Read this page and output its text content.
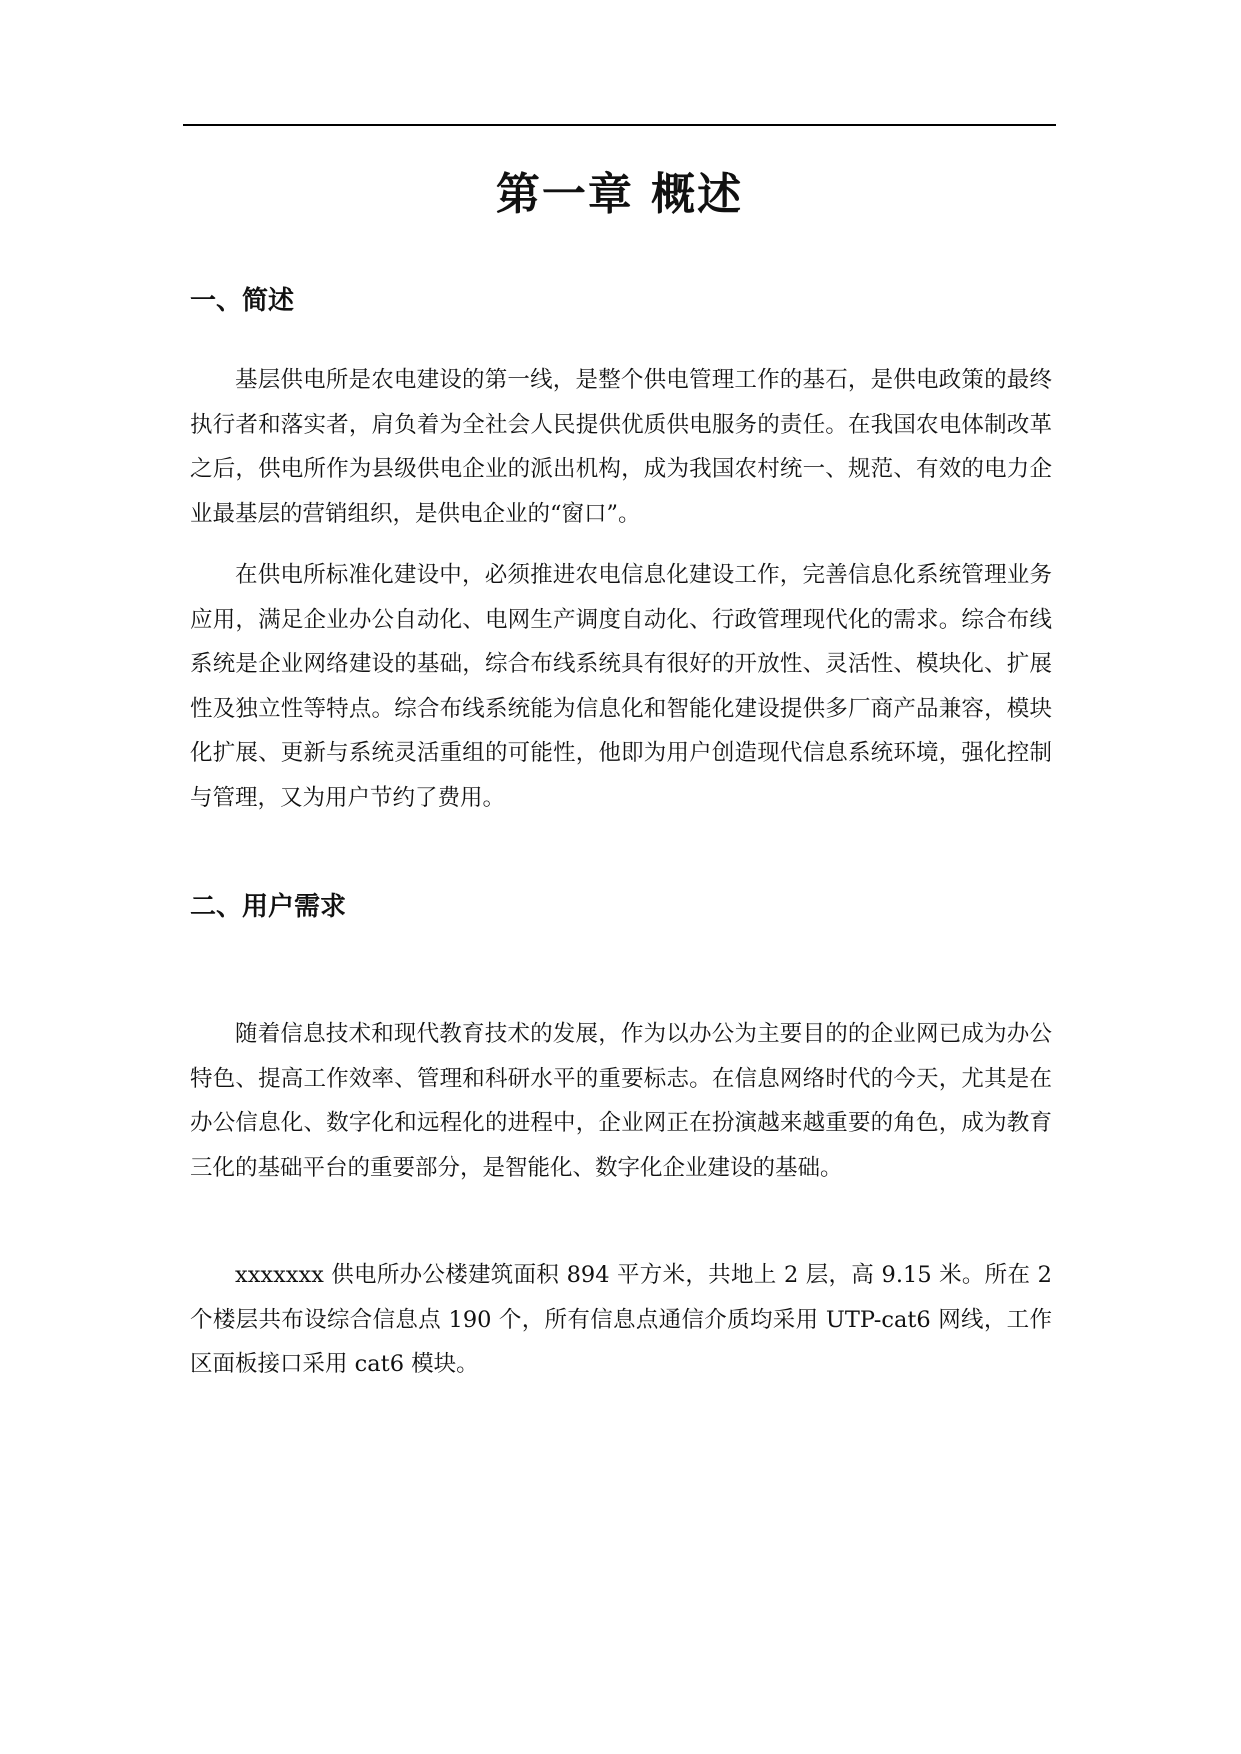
第一章 概述
一、简述

基层供电所是农电建设的第一线，是整个供电管理工作的基石，是供电政策的最终执行者和落实者，肩负着为全社会人民提供优质供电服务的责任。在我国农电体制改革之后，供电所作为县级供电企业的派出机构，成为我国农村统一、规范、有效的电力企业最基层的营销组织，是供电企业的“窗口”。

在供电所标准化建设中，必须推进农电信息化建设工作，完善信息化系统管理业务应用，满足企业办公自动化、电网生产调度自动化、行政管理现代化的需求。综合布线系统是企业网络建设的基础，综合布线系统具有很好的开放性、灵活性、模块化、扩展性及独立性等特点。综合布线系统能为信息化和智能化建设提供多厂商产品兼容，模块化扩展、更新与系统灵活重组的可能性，他即为用户创造现代信息系统环境，强化控制与管理，又为用户节约了费用。

二、用户需求

随着信息技术和现代教育技术的发展，作为以办公为主要目的的企业网已成为办公特色、提高工作效率、管理和科研水平的重要标志。在信息网络时代的今天，尤其是在办公信息化、数字化和远程化的进程中，企业网正在扮演越来越重要的角色，成为教育三化的基础平台的重要部分，是智能化、数字化企业建设的基础。

xxxxxxx 供电所办公楼建筑面积 894 平方米，共地上 2 层，高 9.15 米。所在 2 个楼层共布设综合信息点 190 个，所有信息点通信介质均采用 UTP-cat6 网线，工作区面板接口采用 cat6 模块。
